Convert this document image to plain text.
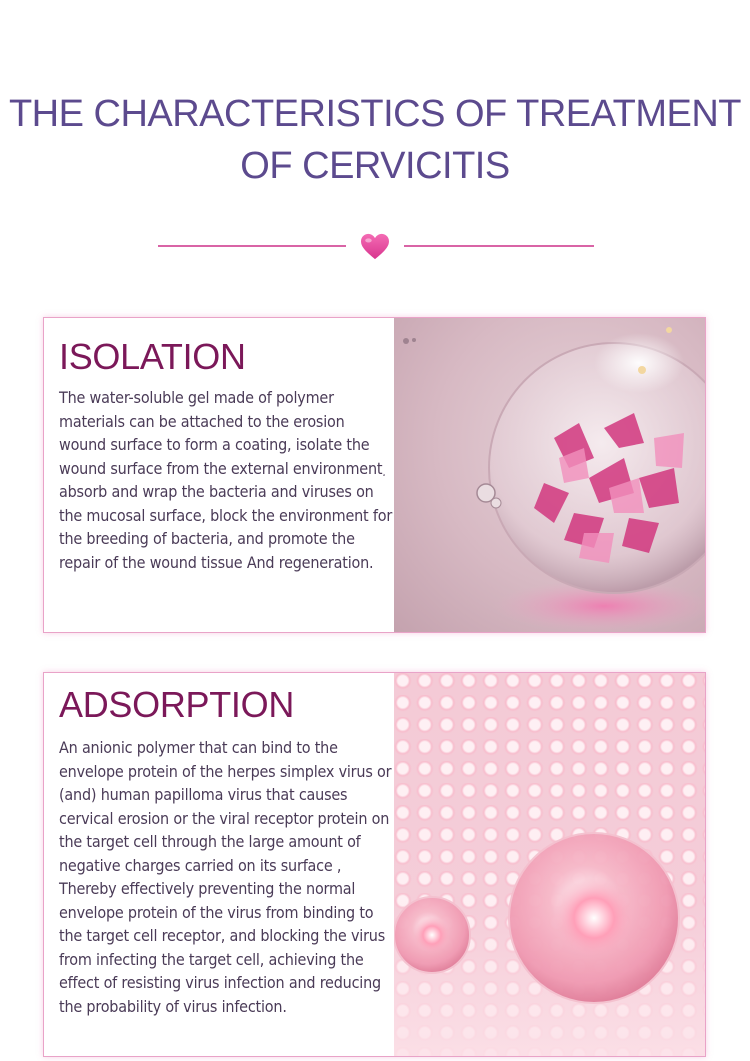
THE CHARACTERISTICS OF TREATMENT
OF CERVICITIS
ISOLATION

The water-soluble gel made of polymer materials can be attached to the erosion wound surface to form a coating, isolate the wound surface from the external environment, absorb and wrap the bacteria and viruses on the mucosal surface, block the environment for the breeding of bacteria, and promote the repair of the wound tissue And regeneration.

ADSORPTION

An anionic polymer that can bind to the envelope protein of the herpes simplex virus or (and) human papilloma virus that causes cervical erosion or the viral receptor protein on the target cell through the large amount of negative charges carried on its surface , Thereby effectively preventing the normal envelope protein of the virus from binding to the target cell receptor, and blocking the virus from infecting the target cell, achieving the effect of resisting virus infection and reducing the probability of virus infection.
